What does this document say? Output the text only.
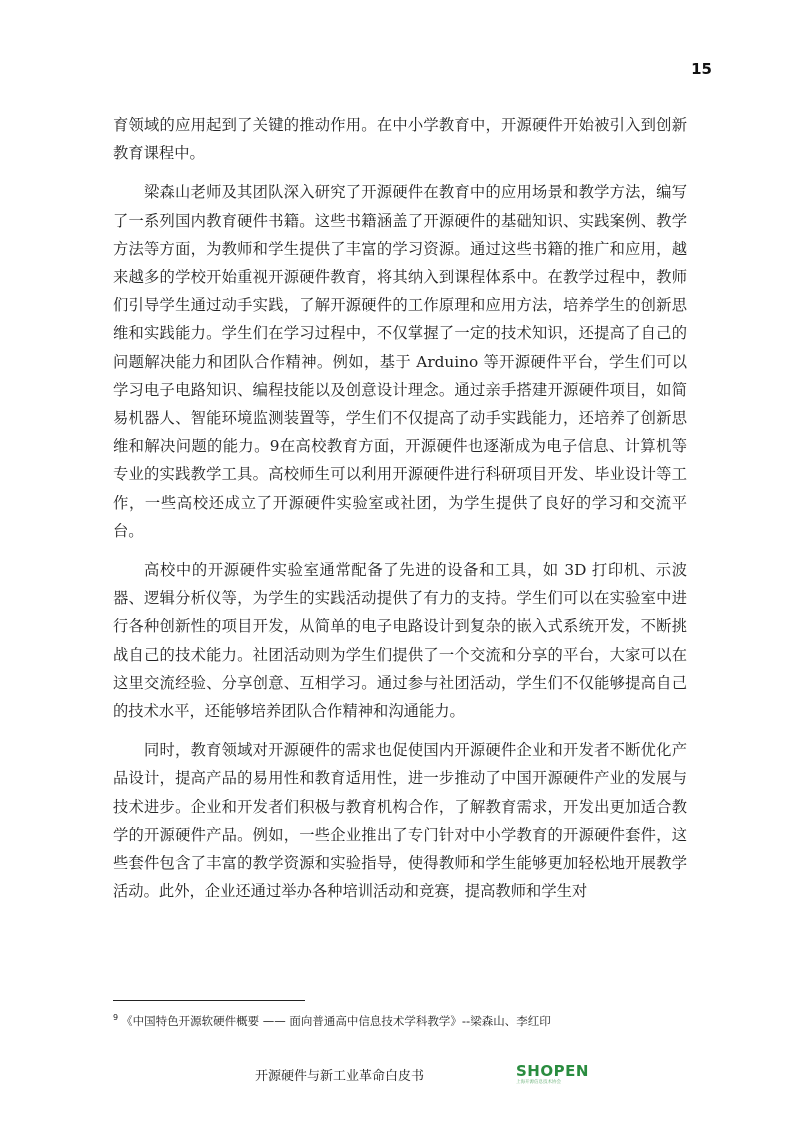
15

育领域的应用起到了关键的推动作用。在中小学教育中，开源硬件开始被引入到创新教育课程中。

梁森山老师及其团队深入研究了开源硬件在教育中的应用场景和教学方法，编写了一系列国内教育硬件书籍。这些书籍涵盖了开源硬件的基础知识、实践案例、教学方法等方面，为教师和学生提供了丰富的学习资源。通过这些书籍的推广和应用，越来越多的学校开始重视开源硬件教育，将其纳入到课程体系中。在教学过程中，教师们引导学生通过动手实践，了解开源硬件的工作原理和应用方法，培养学生的创新思维和实践能力。学生们在学习过程中，不仅掌握了一定的技术知识，还提高了自己的问题解决能力和团队合作精神。例如，基于 Arduino 等开源硬件平台，学生们可以学习电子电路知识、编程技能以及创意设计理念。通过亲手搭建开源硬件项目，如简易机器人、智能环境监测装置等，学生们不仅提高了动手实践能力，还培养了创新思维和解决问题的能力。9在高校教育方面，开源硬件也逐渐成为电子信息、计算机等专业的实践教学工具。高校师生可以利用开源硬件进行科研项目开发、毕业设计等工作，一些高校还成立了开源硬件实验室或社团，为学生提供了良好的学习和交流平台。

高校中的开源硬件实验室通常配备了先进的设备和工具，如 3D 打印机、示波器、逻辑分析仪等，为学生的实践活动提供了有力的支持。学生们可以在实验室中进行各种创新性的项目开发，从简单的电子电路设计到复杂的嵌入式系统开发，不断挑战自己的技术能力。社团活动则为学生们提供了一个交流和分享的平台，大家可以在这里交流经验、分享创意、互相学习。通过参与社团活动，学生们不仅能够提高自己的技术水平，还能够培养团队合作精神和沟通能力。

同时，教育领域对开源硬件的需求也促使国内开源硬件企业和开发者不断优化产品设计，提高产品的易用性和教育适用性，进一步推动了中国开源硬件产业的发展与技术进步。企业和开发者们积极与教育机构合作，了解教育需求，开发出更加适合教学的开源硬件产品。例如，一些企业推出了专门针对中小学教育的开源硬件套件，这些套件包含了丰富的教学资源和实验指导，使得教师和学生能够更加轻松地开展教学活动。此外，企业还通过举办各种培训活动和竞赛，提高教师和学生对

$^9$ 《中国特色开源软硬件概要 —— 面向普通高中信息技术学科教学》--梁森山、李红印
开源硬件与新工业革命白皮书	SHOPEN
上海开源信息技术协会
